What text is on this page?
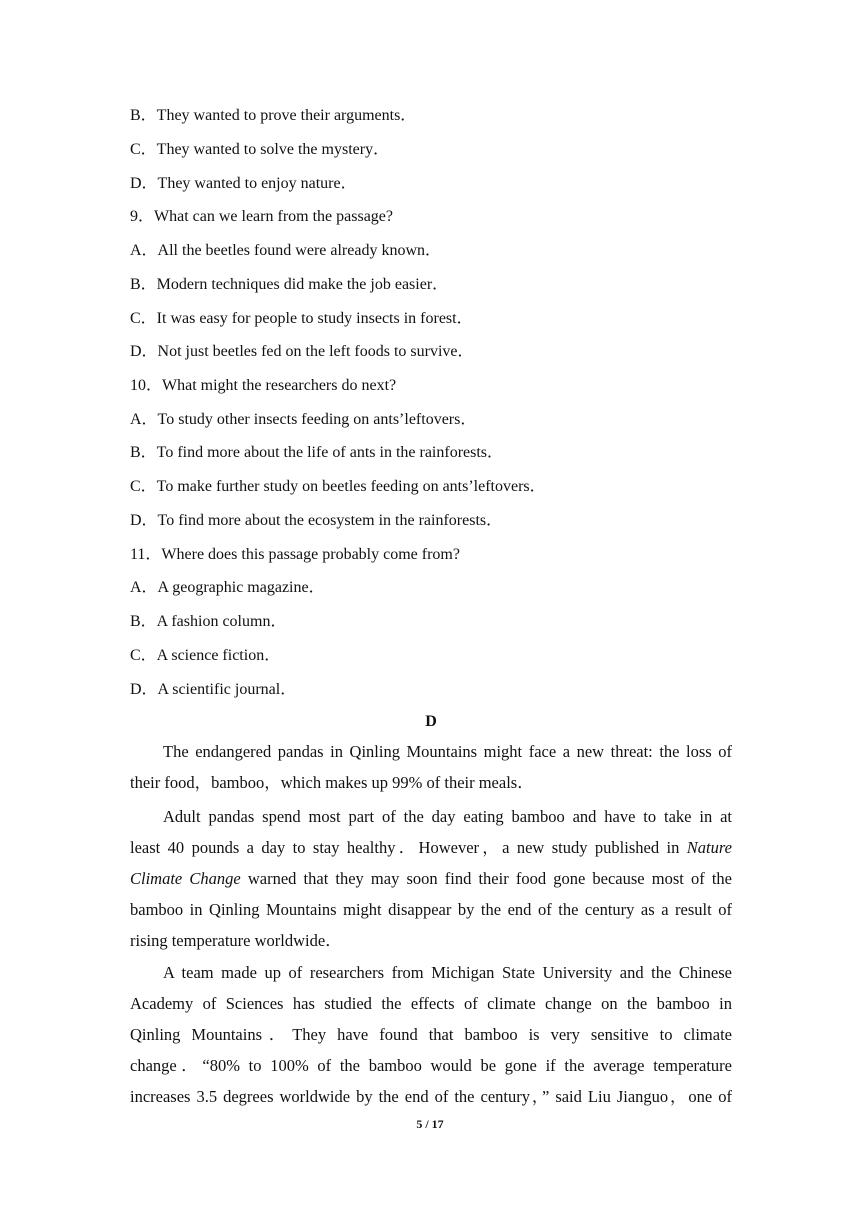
B．They wanted to prove their arguments．
C．They wanted to solve the mystery．
D．They wanted to enjoy nature．
9．What can we learn from the passage?
A．All the beetles found were already known．
B．Modern techniques did make the job easier．
C．It was easy for people to study insects in forest．
D．Not just beetles fed on the left foods to survive．
10．What might the researchers do next?
A．To study other insects feeding on ants’leftovers．
B．To find more about the life of ants in the rainforests．
C．To make further study on beetles feeding on ants’leftovers．
D．To find more about the ecosystem in the rainforests．
11．Where does this passage probably come from?
A．A geographic magazine．
B．A fashion column．
C．A science fiction．
D．A scientific journal．
D
The endangered pandas in Qinling Mountains might face a new threat: the loss of
their food，bamboo，which makes up 99% of their meals．
Adult pandas spend most part of the day eating bamboo and have to take in at
least 40 pounds a day to stay healthy．However，a new study published in Nature
Climate Change warned that they may soon find their food gone because most of the
bamboo in Qinling Mountains might disappear by the end of the century as a result of
rising temperature worldwide．
A team made up of researchers from Michigan State University and the Chinese
Academy of Sciences has studied the effects of climate change on the bamboo in
Qinling Mountains．They have found that bamboo is very sensitive to climate
change．“80% to 100% of the bamboo would be gone if the average temperature
increases 3.5 degrees worldwide by the end of the century，” said Liu Jianguo，one of
5 / 17
